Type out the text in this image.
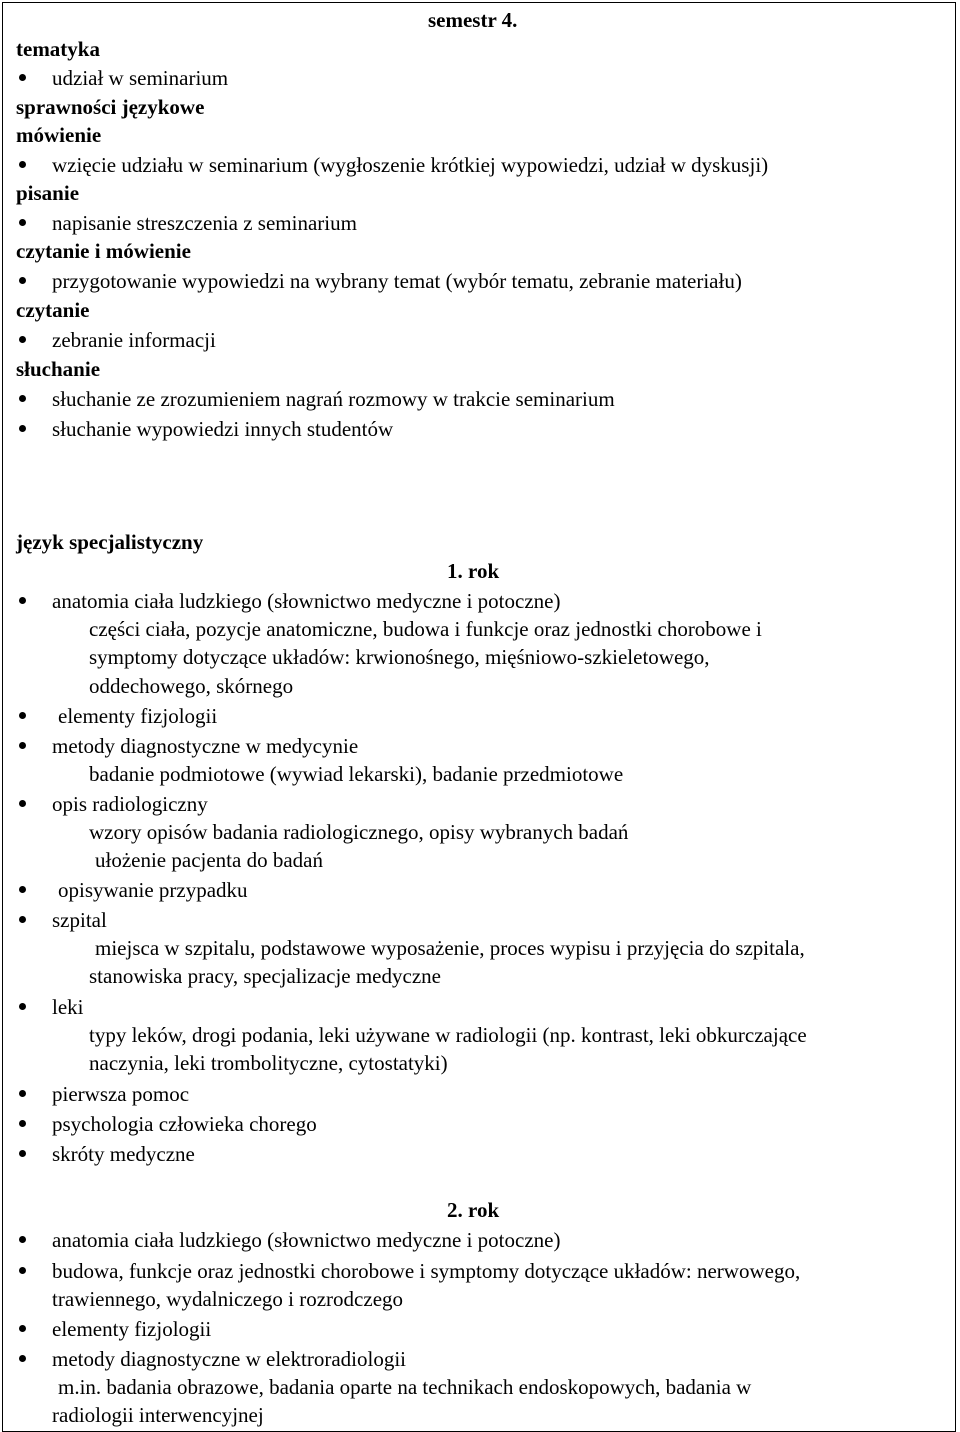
semestr 4.
tematyka
udział w seminarium
sprawności językowe
mówienie
wzięcie udziału w seminarium (wygłoszenie krótkiej wypowiedzi, udział w dyskusji)
pisanie
napisanie streszczenia z seminarium
czytanie i mówienie
przygotowanie wypowiedzi na wybrany temat (wybór tematu, zebranie materiału)
czytanie
zebranie informacji
słuchanie
słuchanie ze zrozumieniem nagrań rozmowy w trakcie seminarium
słuchanie wypowiedzi innych studentów
język specjalistyczny
1. rok
anatomia ciała ludzkiego (słownictwo medyczne i potoczne)
części ciała, pozycje anatomiczne, budowa i funkcje oraz jednostki chorobowe i
symptomy dotyczące układów: krwionośnego, mięśniowo-szkieletowego,
oddechowego, skórnego
elementy fizjologii
metody diagnostyczne w medycynie
badanie podmiotowe (wywiad lekarski), badanie przedmiotowe
opis radiologiczny
wzory opisów badania radiologicznego, opisy wybranych badań
ułożenie pacjenta do badań
opisywanie przypadku
szpital
miejsca w szpitalu, podstawowe wyposażenie, proces wypisu i przyjęcia do szpitala,
stanowiska pracy, specjalizacje medyczne
leki
typy leków, drogi podania, leki używane w radiologii (np. kontrast, leki obkurczające
naczynia, leki trombolityczne, cytostatyki)
pierwsza pomoc
psychologia człowieka chorego
skróty medyczne
2. rok
anatomia ciała ludzkiego (słownictwo medyczne i potoczne)
budowa, funkcje oraz jednostki chorobowe i symptomy dotyczące układów: nerwowego,
trawiennego, wydalniczego i rozrodczego
elementy fizjologii
metody diagnostyczne w elektroradiologii
m.in. badania obrazowe, badania oparte na technikach endoskopowych, badania w
radiologii interwencyjnej
